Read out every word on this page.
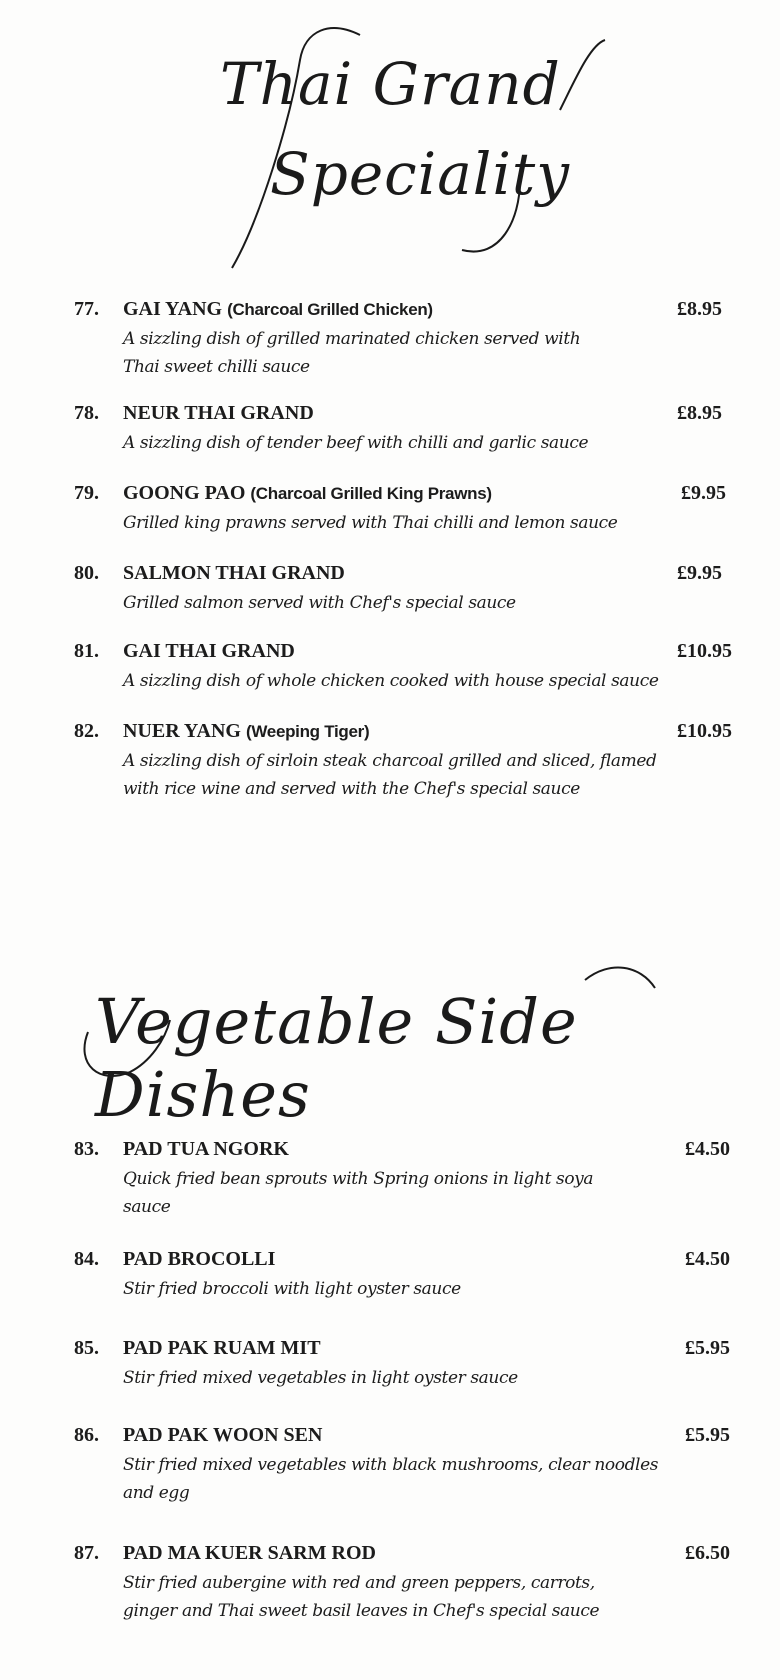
Thai Grand
Speciality
77. GAI YANG (Charcoal Grilled Chicken)	£8.95
A sizzling dish of grilled marinated chicken served with
Thai sweet chilli sauce
78. NEUR THAI GRAND	£8.95
A sizzling dish of tender beef with chilli and garlic sauce
79. GOONG PAO (Charcoal Grilled King Prawns)	£9.95
Grilled king prawns served with Thai chilli and lemon sauce
80. SALMON THAI GRAND	£9.95
Grilled salmon served with Chef's special sauce
81. GAI THAI GRAND	£10.95
A sizzling dish of whole chicken cooked with house special sauce
82. NUER YANG (Weeping Tiger)	£10.95
A sizzling dish of sirloin steak charcoal grilled and sliced, flamed
with rice wine and served with the Chef's special sauce
Vegetable Side Dishes
83. PAD TUA NGORK	£4.50
Quick fried bean sprouts with Spring onions in light soya
sauce
84. PAD BROCOLLI	£4.50
Stir fried broccoli with light oyster sauce
85. PAD PAK RUAM MIT	£5.95
Stir fried mixed vegetables in light oyster sauce
86. PAD PAK WOON SEN	£5.95
Stir fried mixed vegetables with black mushrooms, clear noodles
and egg
87. PAD MA KUER SARM ROD	£6.50
Stir fried aubergine with red and green peppers, carrots,
ginger and Thai sweet basil leaves in Chef's special sauce
